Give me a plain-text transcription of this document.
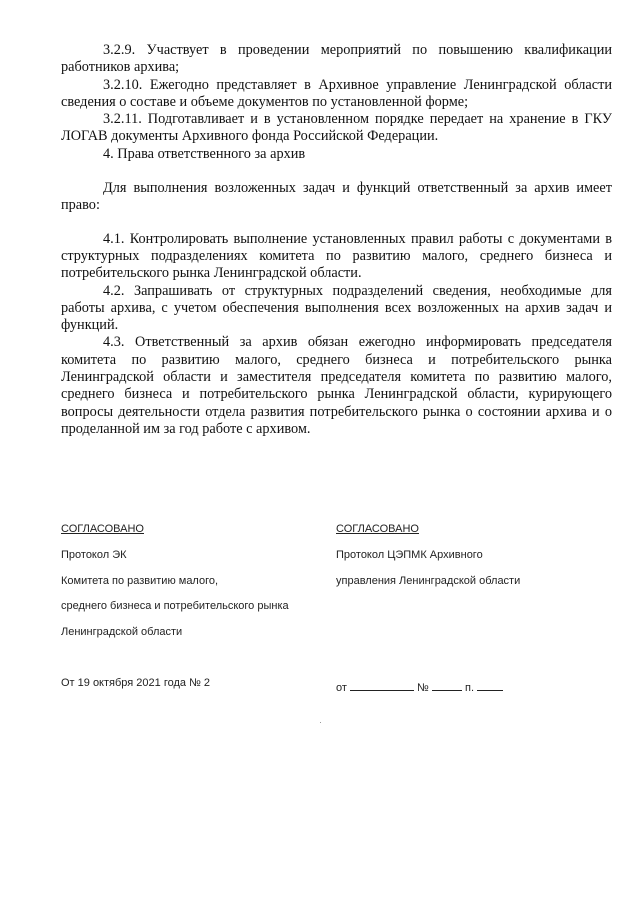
3.2.9. Участвует в проведении мероприятий по повышению квалификации работников архива;

3.2.10. Ежегодно представляет в Архивное управление Ленинградской области сведения о составе и объеме документов по установленной форме;

3.2.11. Подготавливает и в установленном порядке передает на хранение в ГКУ ЛОГАВ документы Архивного фонда Российской Федерации.

4. Права ответственного за архив

Для выполнения возложенных задач и функций ответственный за архив имеет право:

4.1. Контролировать выполнение установленных правил работы с документами в структурных подразделениях комитета по развитию малого, среднего бизнеса и потребительского рынка Ленинградской области.

4.2. Запрашивать от структурных подразделений сведения, необходимые для работы архива, с учетом обеспечения выполнения всех возложенных на архив задач и функций.

4.3. Ответственный за архив обязан ежегодно информировать председателя комитета по развитию малого, среднего бизнеса и потребительского рынка Ленинградской области и заместителя председателя комитета по развитию малого, среднего бизнеса и потребительского рынка Ленинградской области, курирующего вопросы деятельности отдела развития потребительского рынка о состоянии архива и о проделанной им за год работе с архивом.

СОГЛАСОВАНО
Протокол ЭК
Комитета по развитию малого,
среднего бизнеса и потребительского рынка
Ленинградской области
От 19 октября 2021 года № 2
СОГЛАСОВАНО
Протокол ЦЭПМК Архивного
управления Ленинградской области
от	№	п.
